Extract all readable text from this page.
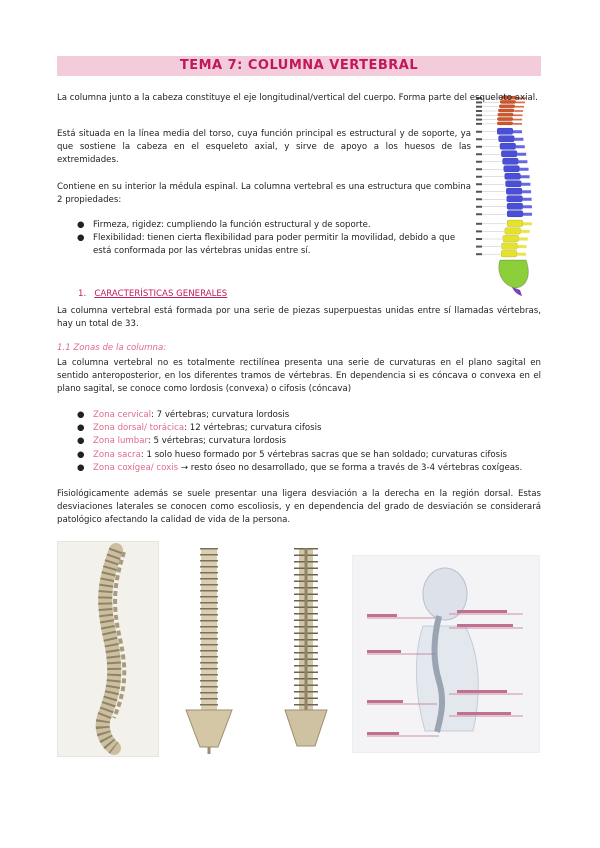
TEMA 7: COLUMNA VERTEBRAL
La columna junto a la cabeza constituye el eje longitudinal/vertical del cuerpo. Forma parte del esqueleto axial.
Está situada en la línea media del torso, cuya función principal es estructural y de soporte, ya que sostiene la cabeza en el esqueleto axial, y sirve de apoyo a los huesos de las extremidades.
Contiene en su interior la médula espinal. La columna vertebral es una estructura que combina 2 propiedades:
● Firmeza, rigidez: cumpliendo la función estructural y de soporte.
● Flexibilidad: tienen cierta flexibilidad para poder permitir la movilidad, debido a que está conformada por las vértebras unidas entre sí.
1. CARACTERÍSTICAS GENERALES
La columna vertebral está formada por una serie de piezas superpuestas unidas entre sí llamadas vértebras, hay un total de 33.
1.1 Zonas de la columna:
La columna vertebral no es totalmente rectilínea presenta una serie de curvaturas en el plano sagital en sentido anteroposterior, en los diferentes tramos de vértebras. En dependencia si es cóncava o convexa en el plano sagital, se conoce como lordosis (convexa) o cifosis (cóncava)
● Zona cervical: 7 vértebras; curvatura lordosis
● Zona dorsal/ torácica: 12 vértebras; curvatura cifosis
● Zona lumbar: 5 vértebras; curvatura lordosis
● Zona sacra: 1 solo hueso formado por 5 vértebras sacras que se han soldado; curvaturas cifosis
● Zona coxígea/ coxis → resto óseo no desarrollado, que se forma a través de 3-4 vértebras coxígeas.
Fisiológicamente además se suele presentar una ligera desviación a la derecha en la región dorsal. Estas desviaciones laterales se conocen como escoliosis, y en dependencia del grado de desviación se considerará patológico afectando la calidad de vida de la persona.
